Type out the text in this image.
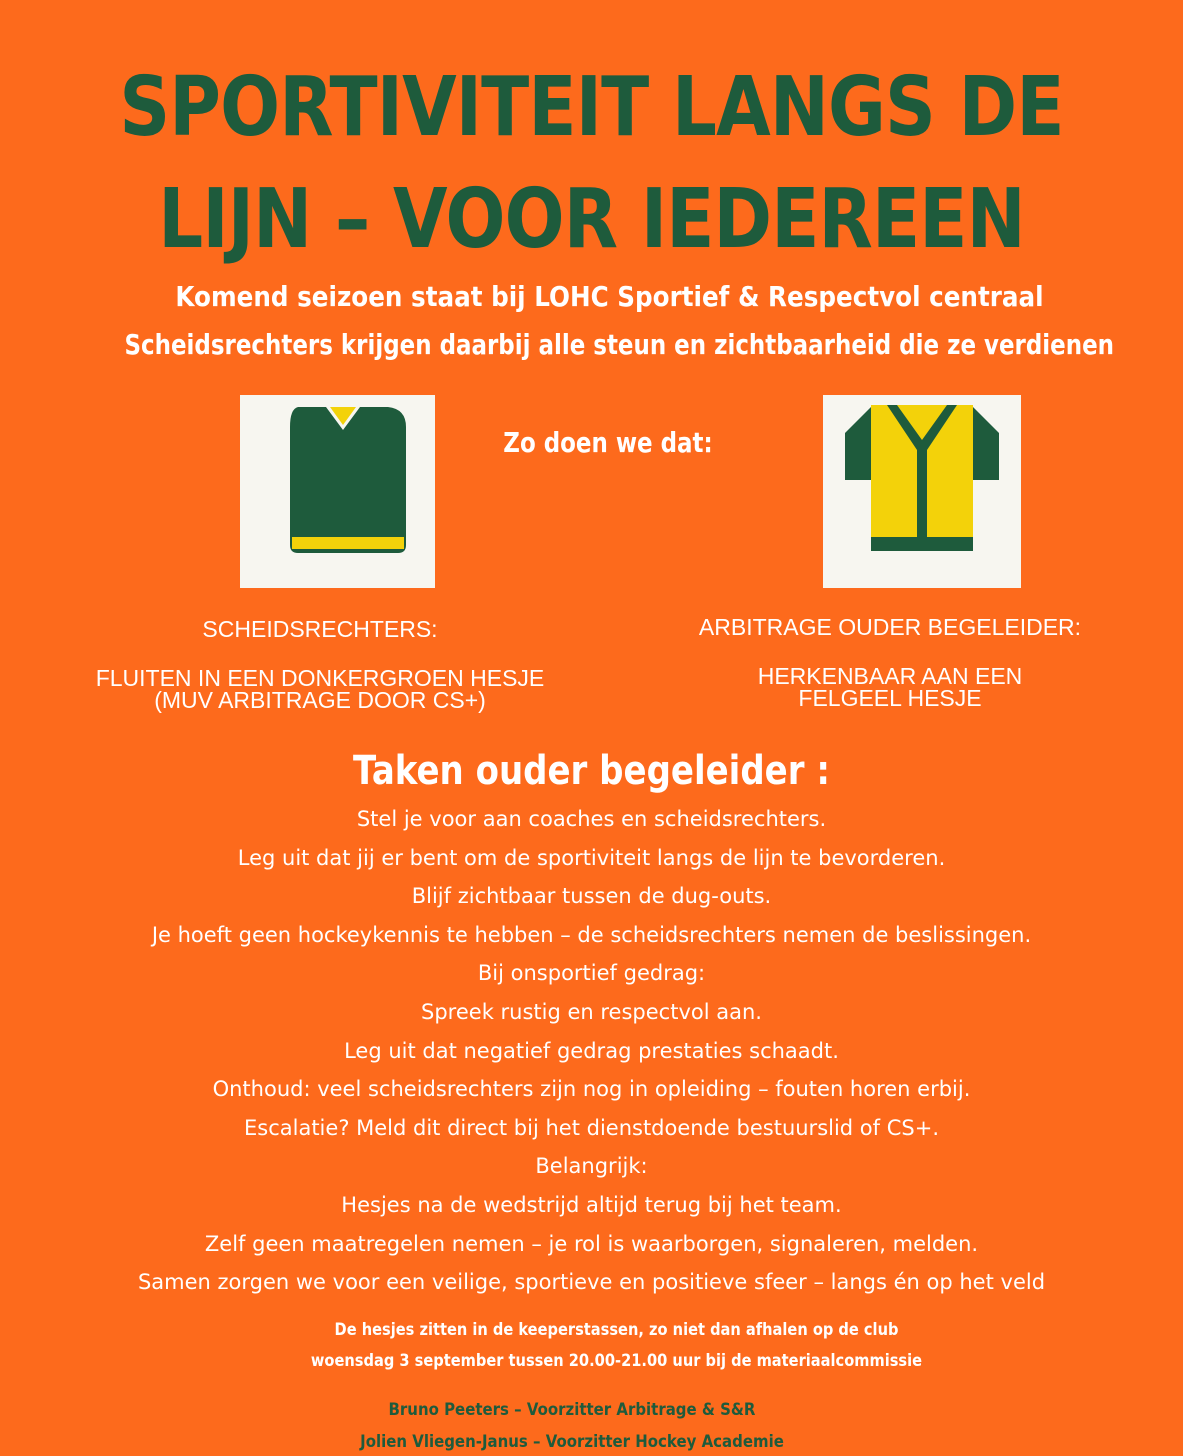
SPORTIVITEIT LANGS DE
LIJN – VOOR IEDEREEN
Komend seizoen staat bij LOHC Sportief & Respectvol centraal
Scheidsrechters krijgen daarbij alle steun en zichtbaarheid die ze verdienen
Zo doen we dat:
SCHEIDSRECHTERS:
FLUITEN IN EEN DONKERGROEN HESJE
(MUV ARBITRAGE DOOR CS+)
ARBITRAGE OUDER BEGELEIDER:
HERKENBAAR AAN EEN
FELGEEL HESJE
Taken ouder begeleider :
Stel je voor aan coaches en scheidsrechters.
Leg uit dat jij er bent om de sportiviteit langs de lijn te bevorderen.
Blijf zichtbaar tussen de dug-outs.
Je hoeft geen hockeykennis te hebben – de scheidsrechters nemen de beslissingen.
Bij onsportief gedrag:
Spreek rustig en respectvol aan.
Leg uit dat negatief gedrag prestaties schaadt.
Onthoud: veel scheidsrechters zijn nog in opleiding – fouten horen erbij.
Escalatie? Meld dit direct bij het dienstdoende bestuurslid of CS+.
Belangrijk:
Hesjes na de wedstrijd altijd terug bij het team.
Zelf geen maatregelen nemen – je rol is waarborgen, signaleren, melden.
Samen zorgen we voor een veilige, sportieve en positieve sfeer – langs én op het veld
De hesjes zitten in de keeperstassen, zo niet dan afhalen op de club
woensdag 3 september tussen 20.00-21.00 uur bij de materiaalcommissie
Bruno Peeters – Voorzitter Arbitrage & S&R
Jolien Vliegen-Janus – Voorzitter Hockey Academie
